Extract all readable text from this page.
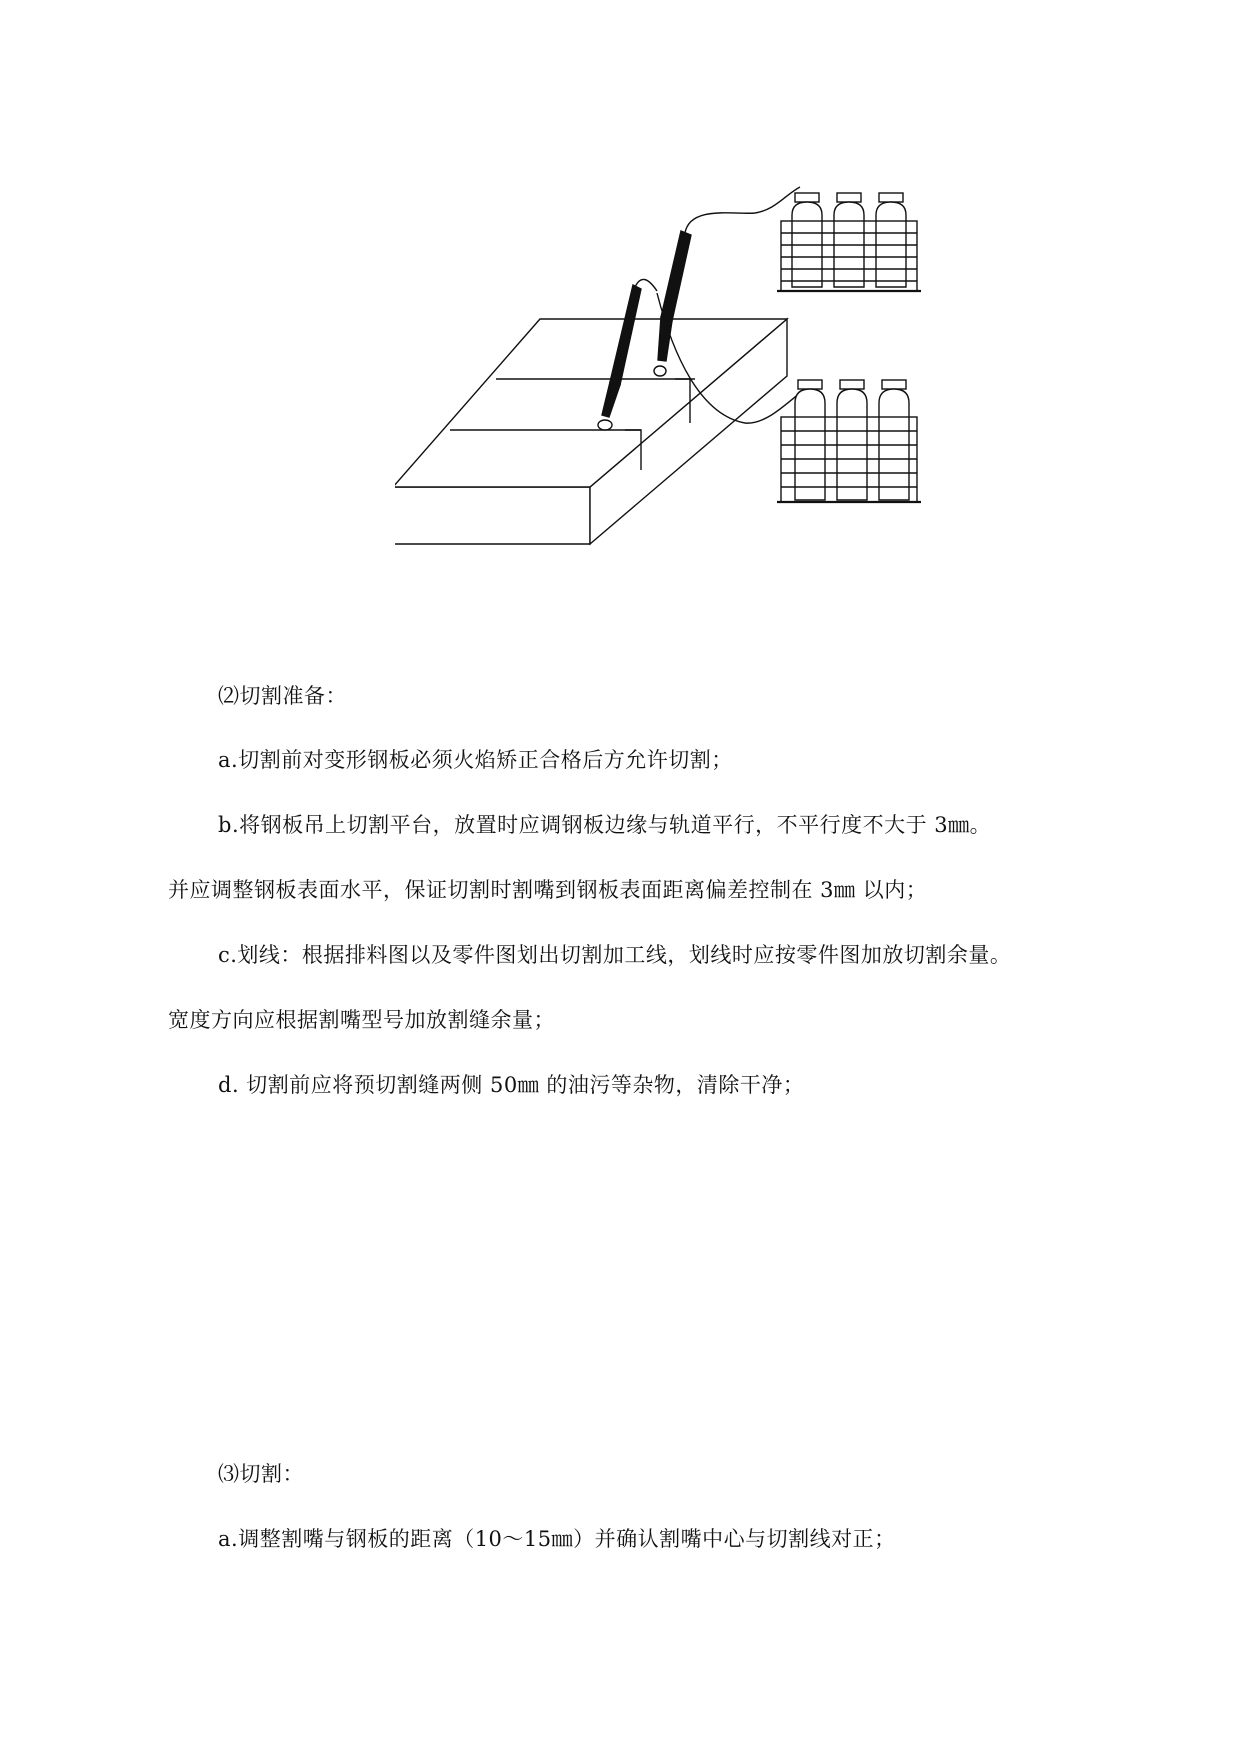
⑵切割准备：
a.切割前对变形钢板必须火焰矫正合格后方允许切割；
b.将钢板吊上切割平台，放置时应调钢板边缘与轨道平行，不平行度不大于 3㎜。
并应调整钢板表面水平，保证切割时割嘴到钢板表面距离偏差控制在 3㎜ 以内；
c.划线：根据排料图以及零件图划出切割加工线，划线时应按零件图加放切割余量。
宽度方向应根据割嘴型号加放割缝余量；
d. 切割前应将预切割缝两侧 50㎜ 的油污等杂物，清除干净；
⑶切割：
a.调整割嘴与钢板的距离（10～15㎜）并确认割嘴中心与切割线对正；
